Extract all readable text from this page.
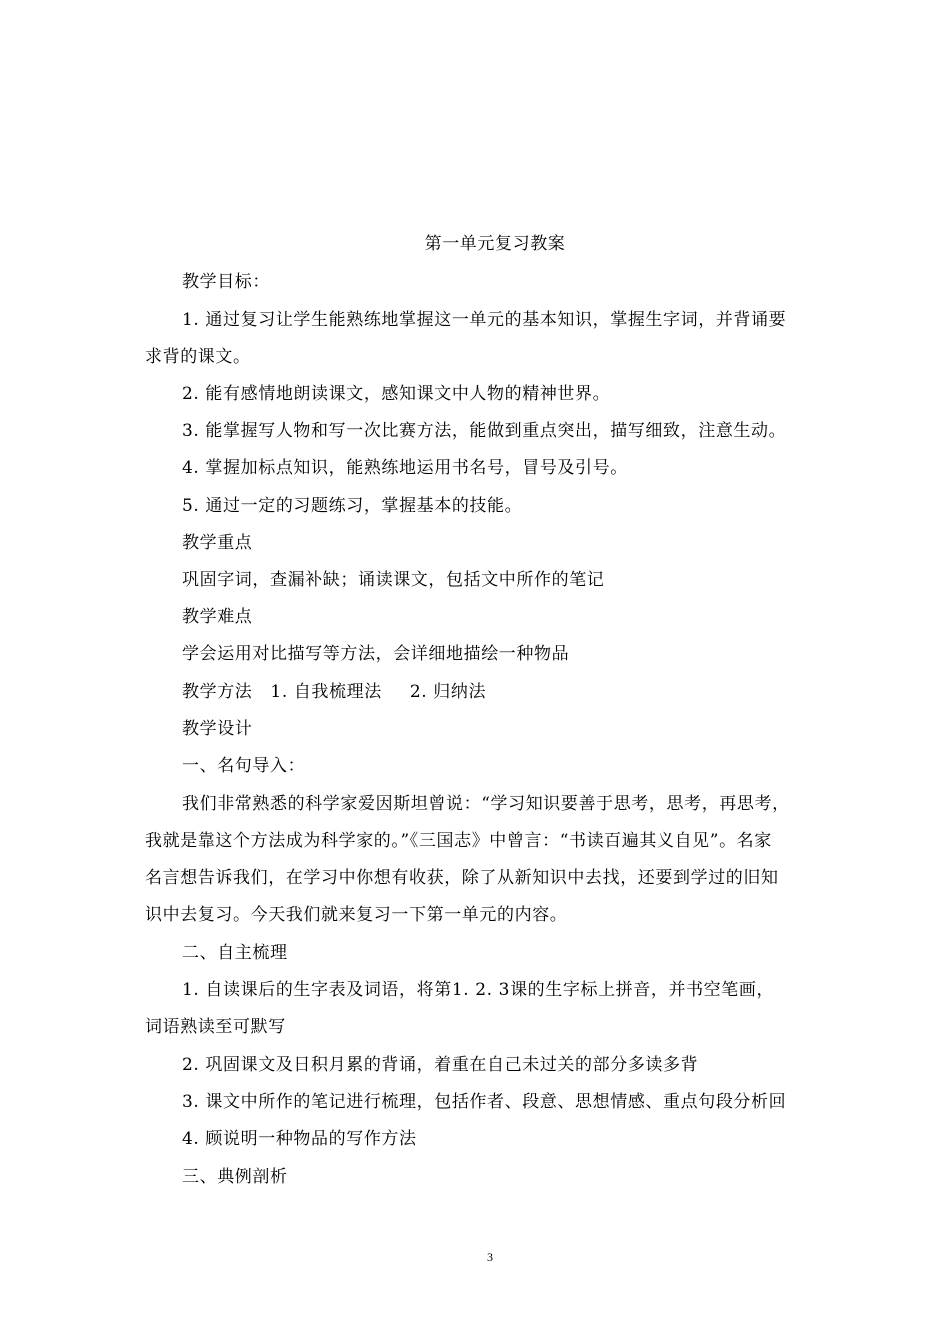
第一单元复习教案
教学目标：
1. 通过复习让学生能熟练地掌握这一单元的基本知识，掌握生字词，并背诵要
求背的课文。
2. 能有感情地朗读课文，感知课文中人物的精神世界。
3. 能掌握写人物和写一次比赛方法，能做到重点突出，描写细致，注意生动。
4. 掌握加标点知识，能熟练地运用书名号，冒号及引号。
5. 通过一定的习题练习，掌握基本的技能。
教学重点
巩固字词，查漏补缺；诵读课文，包括文中所作的笔记
教学难点
学会运用对比描写等方法，会详细地描绘一种物品
教学方法 1. 自我梳理法 2. 归纳法
教学设计
一、名句导入：
我们非常熟悉的科学家爱因斯坦曾说：“学习知识要善于思考，思考，再思考，
我就是靠这个方法成为科学家的。”《三国志》中曾言：“书读百遍其义自见”。名家
名言想告诉我们，在学习中你想有收获，除了从新知识中去找，还要到学过的旧知
识中去复习。今天我们就来复习一下第一单元的内容。
二、自主梳理
1. 自读课后的生字表及词语，将第1. 2. 3课的生字标上拼音，并书空笔画，
词语熟读至可默写
2. 巩固课文及日积月累的背诵，着重在自己未过关的部分多读多背
3. 课文中所作的笔记进行梳理，包括作者、段意、思想情感、重点句段分析回
4. 顾说明一种物品的写作方法
三、典例剖析
3
